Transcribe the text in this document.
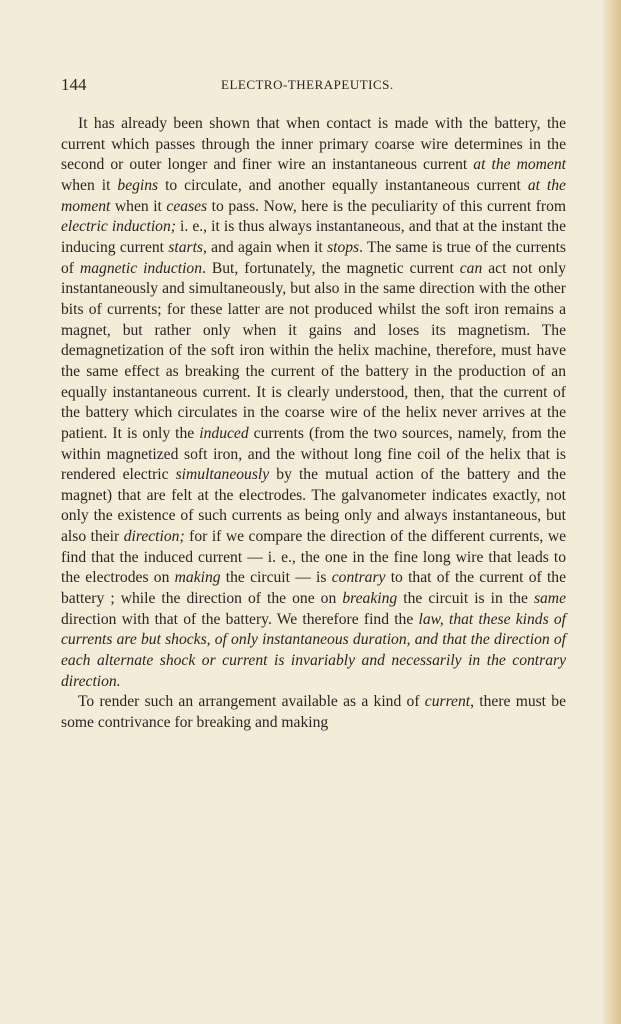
144	ELECTRO-THERAPEUTICS.

It has already been shown that when contact is made with the battery, the current which passes through the inner primary coarse wire determines in the second or outer longer and finer wire an instantaneous current at the moment when it begins to circulate, and another equally instantaneous current at the moment when it ceases to pass. Now, here is the peculiarity of this current from electric induction; i. e., it is thus always instantaneous, and that at the instant the inducing current starts, and again when it stops. The same is true of the currents of magnetic induction. But, fortunately, the magnetic current can act not only instantaneously and simultaneously, but also in the same direction with the other bits of currents; for these latter are not produced whilst the soft iron remains a magnet, but rather only when it gains and loses its magnetism. The demagnetization of the soft iron within the helix machine, therefore, must have the same effect as breaking the current of the battery in the production of an equally instantaneous current. It is clearly understood, then, that the current of the battery which circulates in the coarse wire of the helix never arrives at the patient. It is only the induced currents (from the two sources, namely, from the within magnetized soft iron, and the without long fine coil of the helix that is rendered electric simultaneously by the mutual action of the battery and the magnet) that are felt at the electrodes. The galvanometer indicates exactly, not only the existence of such currents as being only and always instantaneous, but also their direction; for if we compare the direction of the different currents, we find that the induced current — i. e., the one in the fine long wire that leads to the electrodes on making the circuit — is contrary to that of the current of the battery ; while the direction of the one on breaking the circuit is in the same direction with that of the battery. We therefore find the law, that these kinds of currents are but shocks, of only instantaneous duration, and that the direction of each alternate shock or current is invariably and necessarily in the contrary direction.

To render such an arrangement available as a kind of current, there must be some contrivance for breaking and making
